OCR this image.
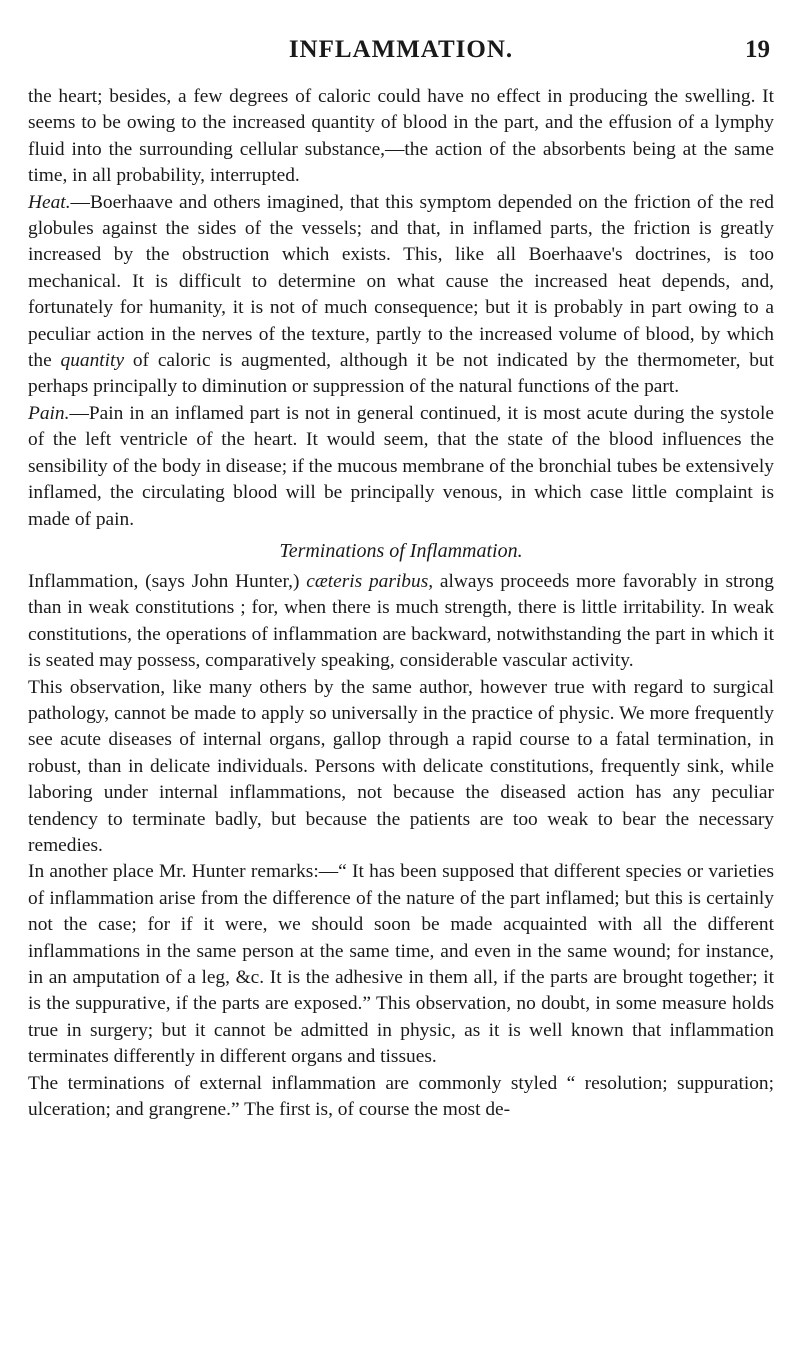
INFLAMMATION.	19

the heart; besides, a few degrees of caloric could have no effect in producing the swelling. It seems to be owing to the increased quantity of blood in the part, and the effusion of a lymphy fluid into the surrounding cellular substance,—the action of the absorbents being at the same time, in all probability, interrupted.

Heat.—Boerhaave and others imagined, that this symptom depended on the friction of the red globules against the sides of the vessels; and that, in inflamed parts, the friction is greatly increased by the obstruction which exists. This, like all Boerhaave's doctrines, is too mechanical. It is difficult to determine on what cause the increased heat depends, and, fortunately for humanity, it is not of much consequence; but it is probably in part owing to a peculiar action in the nerves of the texture, partly to the increased volume of blood, by which the quantity of caloric is augmented, although it be not indicated by the thermometer, but perhaps principally to diminution or suppression of the natural functions of the part.

Pain.—Pain in an inflamed part is not in general continued, it is most acute during the systole of the left ventricle of the heart. It would seem, that the state of the blood influences the sensibility of the body in disease; if the mucous membrane of the bronchial tubes be extensively inflamed, the circulating blood will be principally venous, in which case little complaint is made of pain.

Terminations of Inflammation.

Inflammation, (says John Hunter,) cæteris paribus, always proceeds more favorably in strong than in weak constitutions ; for, when there is much strength, there is little irritability. In weak constitutions, the operations of inflammation are backward, notwithstanding the part in which it is seated may possess, comparatively speaking, considerable vascular activity.

This observation, like many others by the same author, however true with regard to surgical pathology, cannot be made to apply so universally in the practice of physic. We more frequently see acute diseases of internal organs, gallop through a rapid course to a fatal termination, in robust, than in delicate individuals. Persons with delicate constitutions, frequently sink, while laboring under internal inflammations, not because the diseased action has any peculiar tendency to terminate badly, but because the patients are too weak to bear the necessary remedies.

In another place Mr. Hunter remarks:—“ It has been supposed that different species or varieties of inflammation arise from the difference of the nature of the part inflamed; but this is certainly not the case; for if it were, we should soon be made acquainted with all the different inflammations in the same person at the same time, and even in the same wound; for instance, in an amputation of a leg, &c. It is the adhesive in them all, if the parts are brought together; it is the suppurative, if the parts are exposed.” This observation, no doubt, in some measure holds true in surgery; but it cannot be admitted in physic, as it is well known that inflammation terminates differently in different organs and tissues.

The terminations of external inflammation are commonly styled “ resolution; suppuration; ulceration; and grangrene.” The first is, of course the most de-
